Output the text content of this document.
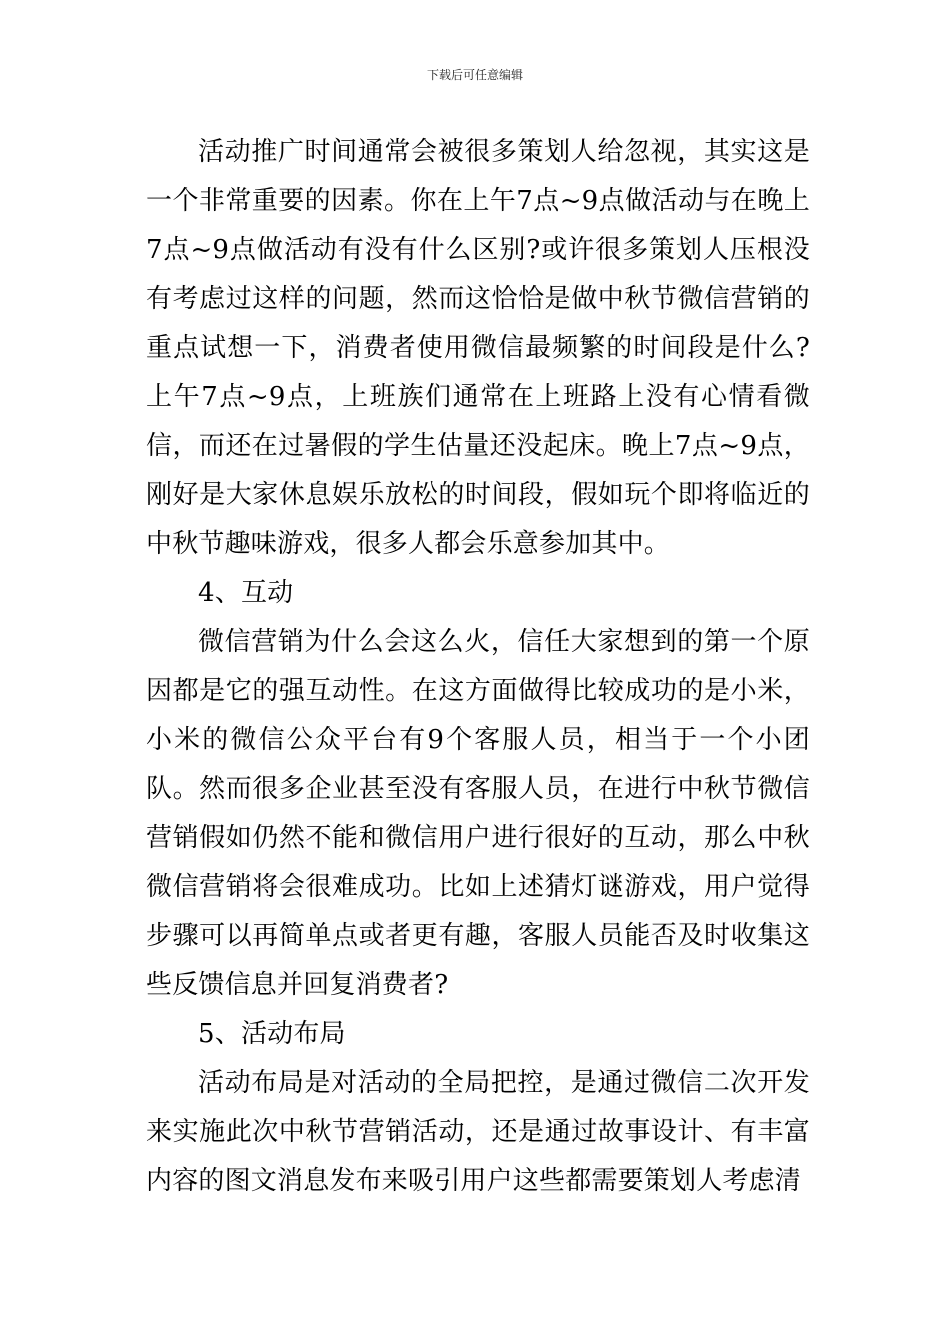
下载后可任意编辑

活动推广时间通常会被很多策划人给忽视，其实这是一个非常重要的因素。你在上午7点~9点做活动与在晚上7点~9点做活动有没有什么区别?或许很多策划人压根没有考虑过这样的问题，然而这恰恰是做中秋节微信营销的重点试想一下，消费者使用微信最频繁的时间段是什么?上午7点~9点，上班族们通常在上班路上没有心情看微信，而还在过暑假的学生估量还没起床。晚上7点~9点，刚好是大家休息娱乐放松的时间段，假如玩个即将临近的中秋节趣味游戏，很多人都会乐意参加其中。

4、互动

微信营销为什么会这么火，信任大家想到的第一个原因都是它的强互动性。在这方面做得比较成功的是小米，小米的微信公众平台有9个客服人员，相当于一个小团队。然而很多企业甚至没有客服人员，在进行中秋节微信营销假如仍然不能和微信用户进行很好的互动，那么中秋微信营销将会很难成功。比如上述猜灯谜游戏，用户觉得步骤可以再简单点或者更有趣，客服人员能否及时收集这些反馈信息并回复消费者?

5、活动布局

活动布局是对活动的全局把控，是通过微信二次开发来实施此次中秋节营销活动，还是通过故事设计、有丰富内容的图文消息发布来吸引用户这些都需要策划人考虑清
